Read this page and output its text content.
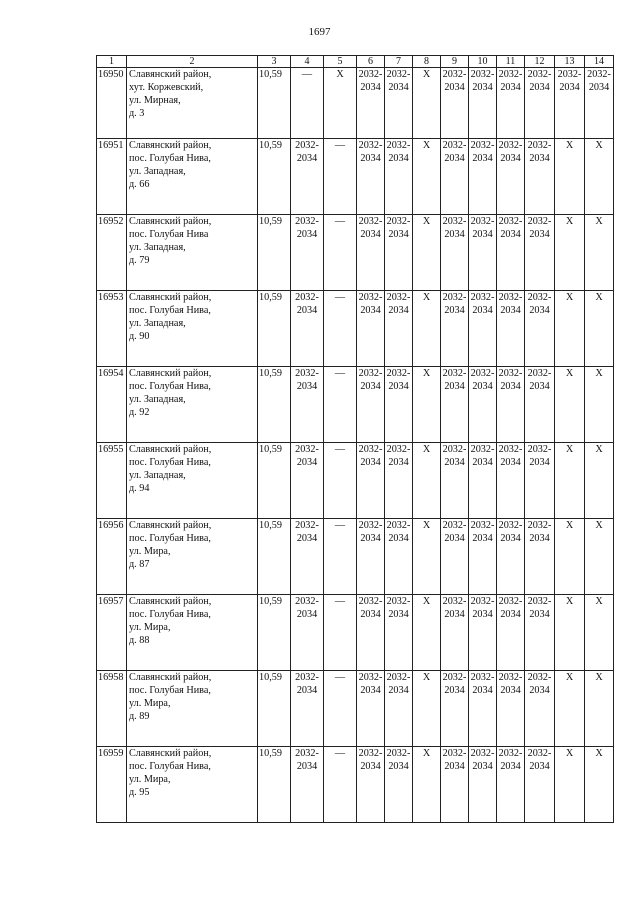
1697
1	2	3	4	5	6	7	8	9	10	11	12	13	14
16950	Славянский район,
хут. Коржевский,
ул. Мирная,
д. 3	10,59	—	X	2032-
2034	2032-
2034	X	2032-
2034	2032-
2034	2032-
2034	2032-
2034	2032-
2034	2032-
2034
16951	Славянский район,
пос. Голубая Нива,
ул. Западная,
д. 66	10,59	2032-
2034	—	2032-
2034	2032-
2034	X	2032-
2034	2032-
2034	2032-
2034	2032-
2034	X	X
16952	Славянский район,
пос. Голубая Нива
ул. Западная,
д. 79	10,59	2032-
2034	—	2032-
2034	2032-
2034	X	2032-
2034	2032-
2034	2032-
2034	2032-
2034	X	X
16953	Славянский район,
пос. Голубая Нива,
ул. Западная,
д. 90	10,59	2032-
2034	—	2032-
2034	2032-
2034	X	2032-
2034	2032-
2034	2032-
2034	2032-
2034	X	X
16954	Славянский район,
пос. Голубая Нива,
ул. Западная,
д. 92	10,59	2032-
2034	—	2032-
2034	2032-
2034	X	2032-
2034	2032-
2034	2032-
2034	2032-
2034	X	X
16955	Славянский район,
пос. Голубая Нива,
ул. Западная,
д. 94	10,59	2032-
2034	—	2032-
2034	2032-
2034	X	2032-
2034	2032-
2034	2032-
2034	2032-
2034	X	X
16956	Славянский район,
пос. Голубая Нива,
ул. Мира,
д. 87	10,59	2032-
2034	—	2032-
2034	2032-
2034	X	2032-
2034	2032-
2034	2032-
2034	2032-
2034	X	X
16957	Славянский район,
пос. Голубая Нива,
ул. Мира,
д. 88	10,59	2032-
2034	—	2032-
2034	2032-
2034	X	2032-
2034	2032-
2034	2032-
2034	2032-
2034	X	X
16958	Славянский район,
пос. Голубая Нива,
ул. Мира,
д. 89	10,59	2032-
2034	—	2032-
2034	2032-
2034	X	2032-
2034	2032-
2034	2032-
2034	2032-
2034	X	X
16959	Славянский район,
пос. Голубая Нива,
ул. Мира,
д. 95	10,59	2032-
2034	—	2032-
2034	2032-
2034	X	2032-
2034	2032-
2034	2032-
2034	2032-
2034	X	X
